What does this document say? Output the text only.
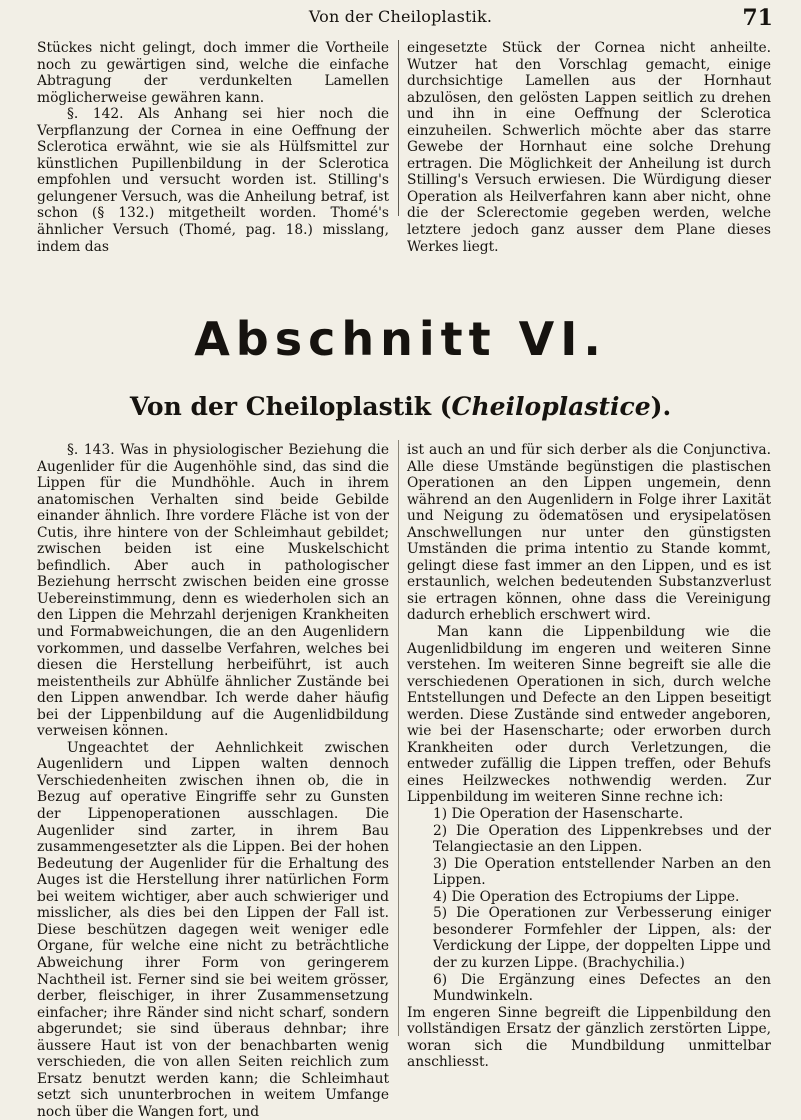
Von der Cheiloplastik.	71

Stückes nicht gelingt, doch immer die Vortheile noch zu gewärtigen sind, welche die einfache Abtragung der verdunkelten Lamellen möglicherweise gewähren kann.

§. 142. Als Anhang sei hier noch die Verpflanzung der Cornea in eine Oeffnung der Sclerotica erwähnt, wie sie als Hülfsmittel zur künstlichen Pupillenbildung in der Sclerotica empfohlen und versucht worden ist. Stilling's gelungener Versuch, was die Anheilung betraf, ist schon (§ 132.) mitgetheilt worden. Thomé's ähnlicher Versuch (Thomé, pag. 18.) misslang, indem das

eingesetzte Stück der Cornea nicht anheilte. Wutzer hat den Vorschlag gemacht, einige durchsichtige Lamellen aus der Hornhaut abzulösen, den gelösten Lappen seitlich zu drehen und ihn in eine Oeffnung der Sclerotica einzuheilen. Schwerlich möchte aber das starre Gewebe der Hornhaut eine solche Drehung ertragen. Die Möglichkeit der Anheilung ist durch Stilling's Versuch erwiesen. Die Würdigung dieser Operation als Heilverfahren kann aber nicht, ohne die der Sclerectomie gegeben werden, welche letztere jedoch ganz ausser dem Plane dieses Werkes liegt.

Abschnitt VI.
Von der Cheiloplastik (Cheiloplastice).

§. 143. Was in physiologischer Beziehung die Augenlider für die Augenhöhle sind, das sind die Lippen für die Mundhöhle. Auch in ihrem anatomischen Verhalten sind beide Gebilde einander ähnlich. Ihre vordere Fläche ist von der Cutis, ihre hintere von der Schleimhaut gebildet; zwischen beiden ist eine Muskelschicht befindlich. Aber auch in pathologischer Beziehung herrscht zwischen beiden eine grosse Uebereinstimmung, denn es wiederholen sich an den Lippen die Mehrzahl derjenigen Krankheiten und Formabweichungen, die an den Augenlidern vorkommen, und dasselbe Verfahren, welches bei diesen die Herstellung herbeiführt, ist auch meistentheils zur Abhülfe ähnlicher Zustände bei den Lippen anwendbar. Ich werde daher häufig bei der Lippenbildung auf die Augenlidbildung verweisen können.

Ungeachtet der Aehnlichkeit zwischen Augenlidern und Lippen walten dennoch Verschiedenheiten zwischen ihnen ob, die in Bezug auf operative Eingriffe sehr zu Gunsten der Lippenoperationen ausschlagen. Die Augenlider sind zarter, in ihrem Bau zusammengesetzter als die Lippen. Bei der hohen Bedeutung der Augenlider für die Erhaltung des Auges ist die Herstellung ihrer natürlichen Form bei weitem wichtiger, aber auch schwieriger und misslicher, als dies bei den Lippen der Fall ist. Diese beschützen dagegen weit weniger edle Organe, für welche eine nicht zu beträchtliche Abweichung ihrer Form von geringerem Nachtheil ist. Ferner sind sie bei weitem grösser, derber, fleischiger, in ihrer Zusammensetzung einfacher; ihre Ränder sind nicht scharf, sondern abgerundet; sie sind überaus dehnbar; ihre äussere Haut ist von der benachbarten wenig verschieden, die von allen Seiten reichlich zum Ersatz benutzt werden kann; die Schleimhaut setzt sich ununterbrochen in weitem Umfange noch über die Wangen fort, und

ist auch an und für sich derber als die Conjunctiva. Alle diese Umstände begünstigen die plastischen Operationen an den Lippen ungemein, denn während an den Augenlidern in Folge ihrer Laxität und Neigung zu ödematösen und erysipelatösen Anschwellungen nur unter den günstigsten Umständen die prima intentio zu Stande kommt, gelingt diese fast immer an den Lippen, und es ist erstaunlich, welchen bedeutenden Substanzverlust sie ertragen können, ohne dass die Vereinigung dadurch erheblich erschwert wird.

Man kann die Lippenbildung wie die Augenlidbildung im engeren und weiteren Sinne verstehen. Im weiteren Sinne begreift sie alle die verschiedenen Operationen in sich, durch welche Entstellungen und Defecte an den Lippen beseitigt werden. Diese Zustände sind entweder angeboren, wie bei der Hasenscharte; oder erworben durch Krankheiten oder durch Verletzungen, die entweder zufällig die Lippen treffen, oder Behufs eines Heilzweckes nothwendig werden. Zur Lippenbildung im weiteren Sinne rechne ich:

1) Die Operation der Hasenscharte.

2) Die Operation des Lippenkrebses und der Telangiectasie an den Lippen.

3) Die Operation entstellender Narben an den Lippen.

4) Die Operation des Ectropiums der Lippe.

5) Die Operationen zur Verbesserung einiger besonderer Formfehler der Lippen, als: der Verdickung der Lippe, der doppelten Lippe und der zu kurzen Lippe. (Brachychilia.)

6) Die Ergänzung eines Defectes an den Mundwinkeln.

Im engeren Sinne begreift die Lippenbildung den vollständigen Ersatz der gänzlich zerstörten Lippe, woran sich die Mundbildung unmittelbar anschliesst.
